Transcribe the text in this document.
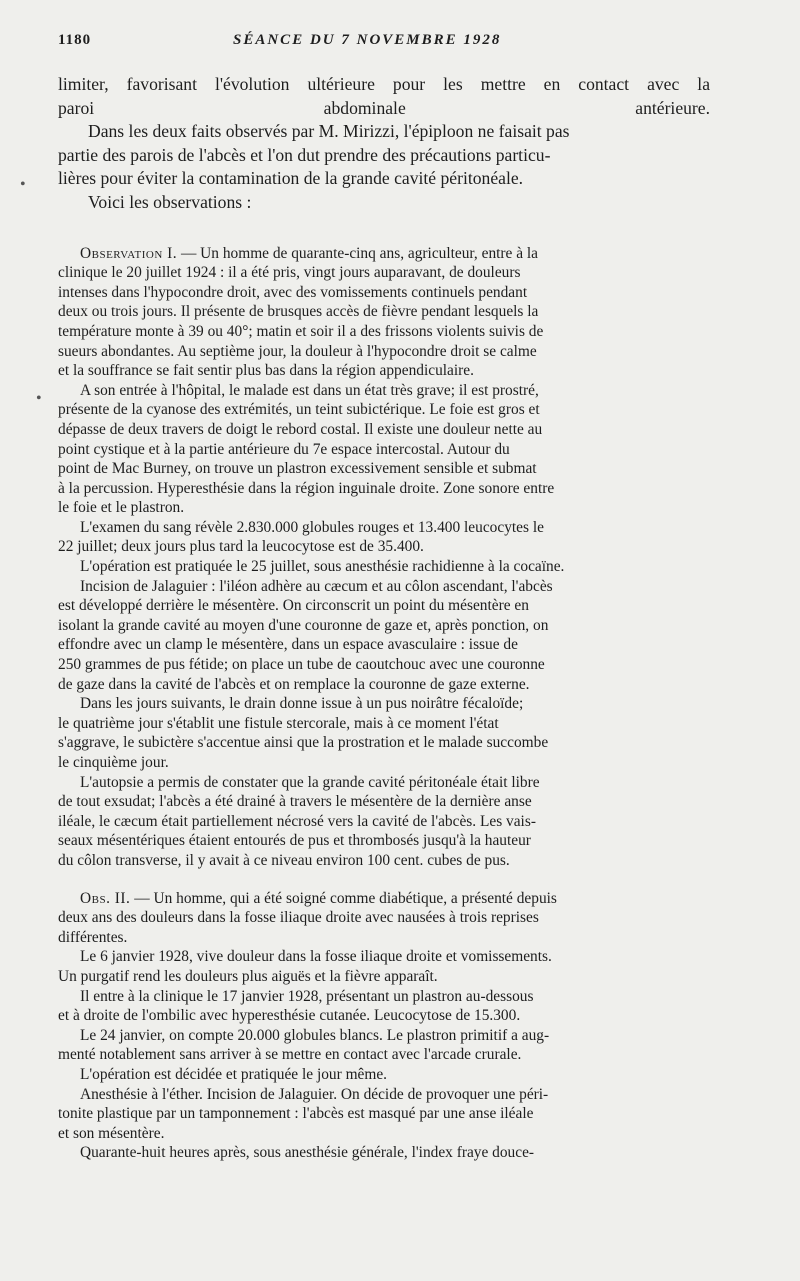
•
•
1180	SÉANCE DU 7 NOVEMBRE 1928

limiter, favorisant l'évolution ultérieure pour les mettre en contact avec la
paroi abdominale antérieure.

Dans les deux faits observés par M. Mirizzi, l'épiploon ne faisait pas
partie des parois de l'abcès et l'on dut prendre des précautions particu-
lières pour éviter la contamination de la grande cavité péritonéale.

Voici les observations :

Observation I. — Un homme de quarante-cinq ans, agriculteur, entre à la
clinique le 20 juillet 1924 : il a été pris, vingt jours auparavant, de douleurs
intenses dans l'hypocondre droit, avec des vomissements continuels pendant
deux ou trois jours. Il présente de brusques accès de fièvre pendant lesquels la
température monte à 39 ou 40°; matin et soir il a des frissons violents suivis de
sueurs abondantes. Au septième jour, la douleur à l'hypocondre droit se calme
et la souffrance se fait sentir plus bas dans la région appendiculaire.

A son entrée à l'hôpital, le malade est dans un état très grave; il est prostré,
présente de la cyanose des extrémités, un teint subictérique. Le foie est gros et
dépasse de deux travers de doigt le rebord costal. Il existe une douleur nette au
point cystique et à la partie antérieure du 7e espace intercostal. Autour du
point de Mac Burney, on trouve un plastron excessivement sensible et submat
à la percussion. Hyperesthésie dans la région inguinale droite. Zone sonore entre
le foie et le plastron.

L'examen du sang révèle 2.830.000 globules rouges et 13.400 leucocytes le
22 juillet; deux jours plus tard la leucocytose est de 35.400.

L'opération est pratiquée le 25 juillet, sous anesthésie rachidienne à la cocaïne.

Incision de Jalaguier : l'iléon adhère au cæcum et au côlon ascendant, l'abcès
est développé derrière le mésentère. On circonscrit un point du mésentère en
isolant la grande cavité au moyen d'une couronne de gaze et, après ponction, on
effondre avec un clamp le mésentère, dans un espace avasculaire : issue de
250 grammes de pus fétide; on place un tube de caoutchouc avec une couronne
de gaze dans la cavité de l'abcès et on remplace la couronne de gaze externe.

Dans les jours suivants, le drain donne issue à un pus noirâtre fécaloïde;
le quatrième jour s'établit une fistule stercorale, mais à ce moment l'état
s'aggrave, le subictère s'accentue ainsi que la prostration et le malade succombe
le cinquième jour.

L'autopsie a permis de constater que la grande cavité péritonéale était libre
de tout exsudat; l'abcès a été drainé à travers le mésentère de la dernière anse
iléale, le cæcum était partiellement nécrosé vers la cavité de l'abcès. Les vais-
seaux mésentériques étaient entourés de pus et thrombosés jusqu'à la hauteur
du côlon transverse, il y avait à ce niveau environ 100 cent. cubes de pus.

Obs. II. — Un homme, qui a été soigné comme diabétique, a présenté depuis
deux ans des douleurs dans la fosse iliaque droite avec nausées à trois reprises
différentes.

Le 6 janvier 1928, vive douleur dans la fosse iliaque droite et vomissements.
Un purgatif rend les douleurs plus aiguës et la fièvre apparaît.

Il entre à la clinique le 17 janvier 1928, présentant un plastron au-dessous
et à droite de l'ombilic avec hyperesthésie cutanée. Leucocytose de 15.300.

Le 24 janvier, on compte 20.000 globules blancs. Le plastron primitif a aug-
menté notablement sans arriver à se mettre en contact avec l'arcade crurale.

L'opération est décidée et pratiquée le jour même.

Anesthésie à l'éther. Incision de Jalaguier. On décide de provoquer une péri-
tonite plastique par un tamponnement : l'abcès est masqué par une anse iléale
et son mésentère.

Quarante-huit heures après, sous anesthésie générale, l'index fraye douce-
